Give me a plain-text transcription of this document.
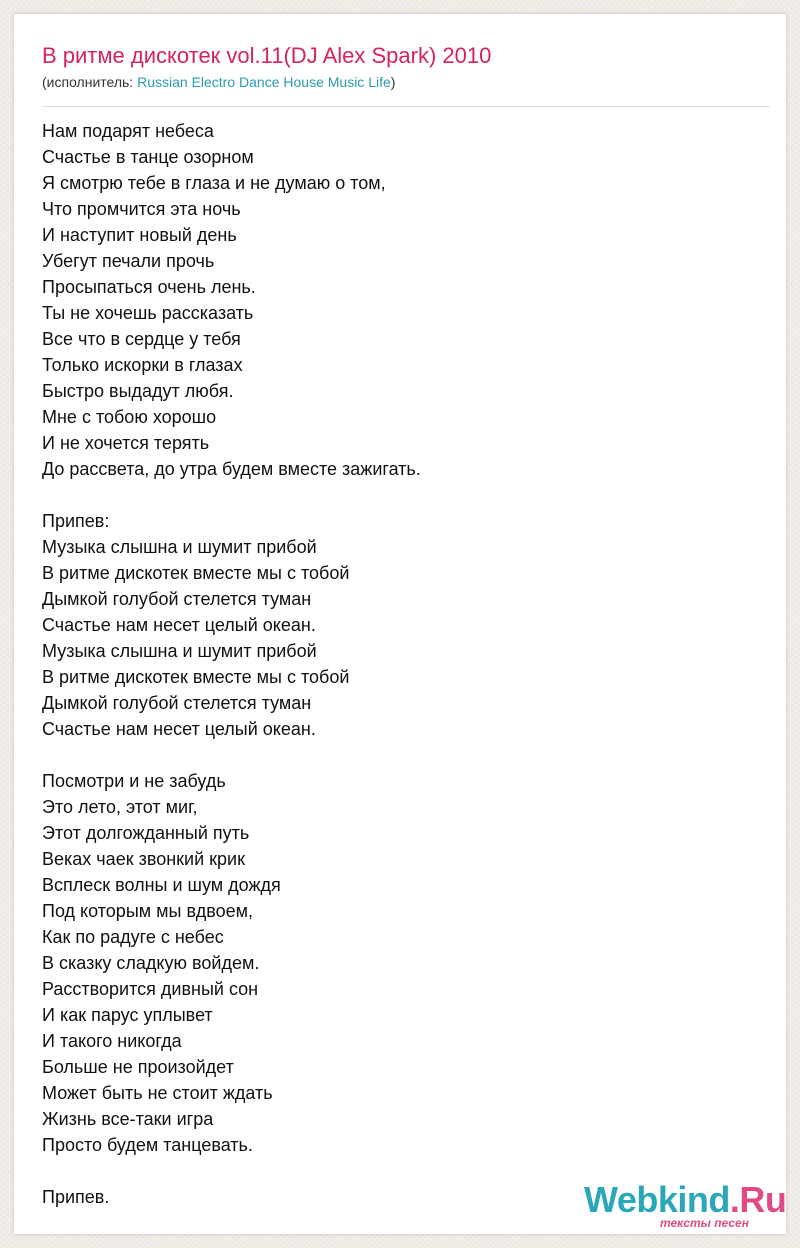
В ритме дискотек vol.11(DJ Alex Spark) 2010
(исполнитель: Russian Electro Dance House Music Life)
Нам подарят небеса
Счастье в танце озорном
Я смотрю тебе в глаза и не думаю о том,
Что промчится эта ночь
И наступит новый день
Убегут печали прочь
Просыпаться очень лень.
Ты не хочешь рассказать
Все что в сердце у тебя
Только искорки в глазах
Быстро выдадут любя.
Мне с тобою хорошо
И не хочется терять
До рассвета, до утра будем вместе зажигать.
Припев:
Музыка слышна и шумит прибой
В ритме дискотек вместе мы с тобой
Дымкой голубой стелется туман
Счастье нам несет целый океан.
Музыка слышна и шумит прибой
В ритме дискотек вместе мы с тобой
Дымкой голубой стелется туман
Счастье нам несет целый океан.
Посмотри и не забудь
Это лето, этот миг,
Этот долгожданный путь
Веках чаек звонкий крик
Всплеск волны и шум дождя
Под которым мы вдвоем,
Как по радуге с небес
В сказку сладкую войдем.
Расстворится дивный сон
И как парус уплывет
И такого никогда
Больше не произойдет
Может быть не стоит ждать
Жизнь все-таки игра
Просто будем танцевать.
Припев.	Webkind.Ru
тексты песен
